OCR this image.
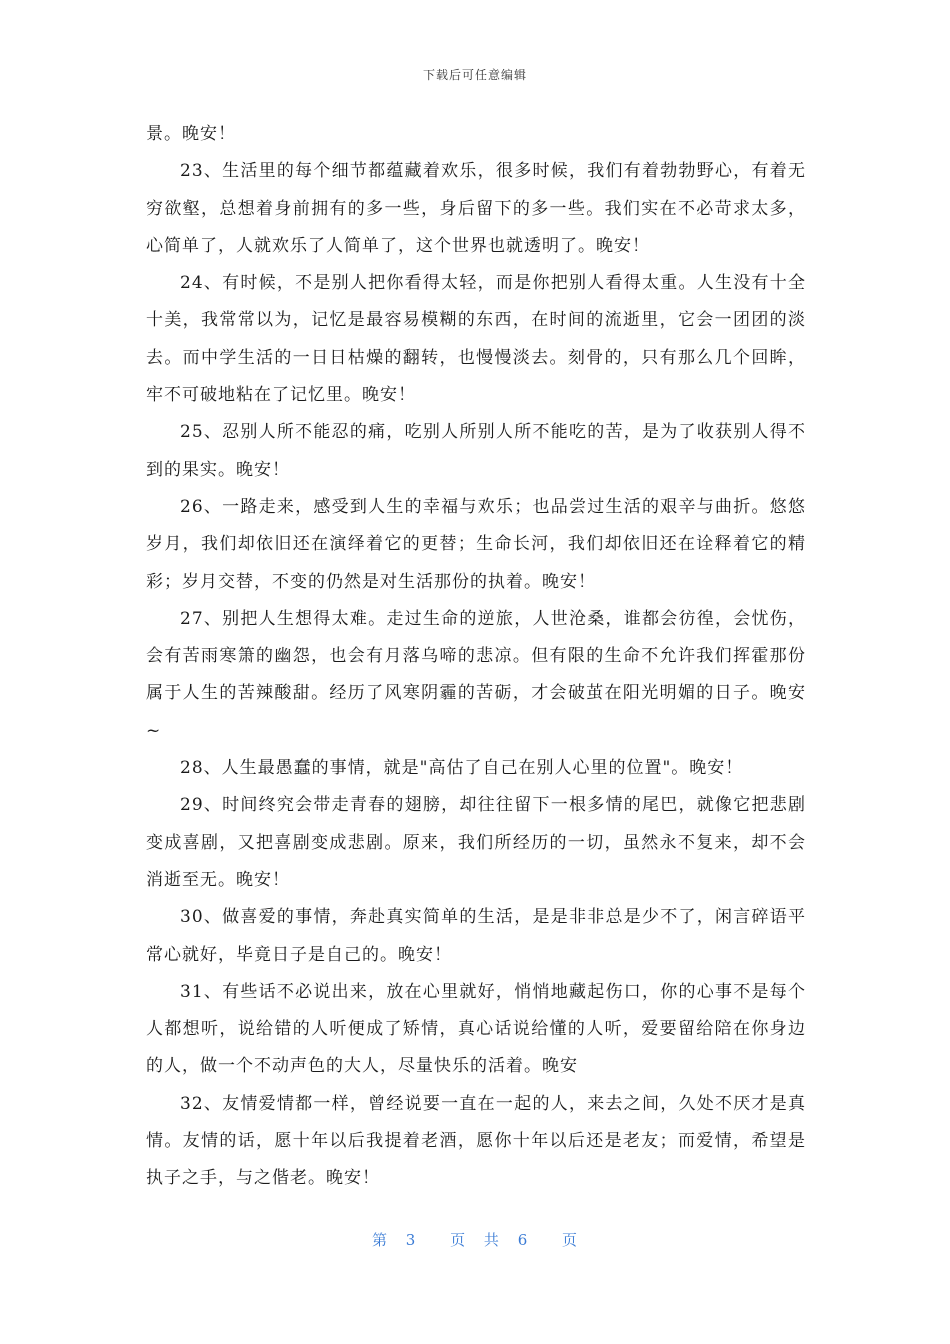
下载后可任意编辑

景。晚安！

23、生活里的每个细节都蕴藏着欢乐，很多时候，我们有着勃勃野心，有着无穷欲壑，总想着身前拥有的多一些，身后留下的多一些。我们实在不必苛求太多，心简单了，人就欢乐了人简单了，这个世界也就透明了。晚安！

24、有时候，不是别人把你看得太轻，而是你把别人看得太重。人生没有十全十美，我常常以为，记忆是最容易模糊的东西，在时间的流逝里，它会一团团的淡去。而中学生活的一日日枯燥的翻转，也慢慢淡去。刻骨的，只有那么几个回眸，牢不可破地粘在了记忆里。晚安！

25、忍别人所不能忍的痛，吃别人所别人所不能吃的苦，是为了收获别人得不到的果实。晚安！

26、一路走来，感受到人生的幸福与欢乐；也品尝过生活的艰辛与曲折。悠悠岁月，我们却依旧还在演绎着它的更替；生命长河，我们却依旧还在诠释着它的精彩；岁月交替，不变的仍然是对生活那份的执着。晚安！

27、别把人生想得太难。走过生命的逆旅，人世沧桑，谁都会彷徨，会忧伤，会有苦雨寒箫的幽怨，也会有月落乌啼的悲凉。但有限的生命不允许我们挥霍那份属于人生的苦辣酸甜。经历了风寒阴霾的苦砺，才会破茧在阳光明媚的日子。晚安~

28、人生最愚蠢的事情，就是"高估了自己在别人心里的位置"。晚安！

29、时间终究会带走青春的翅膀，却往往留下一根多情的尾巴，就像它把悲剧变成喜剧，又把喜剧变成悲剧。原来，我们所经历的一切，虽然永不复来，却不会消逝至无。晚安！

30、做喜爱的事情，奔赴真实简单的生活，是是非非总是少不了，闲言碎语平常心就好，毕竟日子是自己的。晚安！

31、有些话不必说出来，放在心里就好，悄悄地藏起伤口，你的心事不是每个人都想听，说给错的人听便成了矫情，真心话说给懂的人听，爱要留给陪在你身边的人，做一个不动声色的大人，尽量快乐的活着。晚安

32、友情爱情都一样，曾经说要一直在一起的人，来去之间，久处不厌才是真情。友情的话，愿十年以后我提着老酒，愿你十年以后还是老友；而爱情，希望是执子之手，与之偕老。晚安！

第 3 页 共 6 页
